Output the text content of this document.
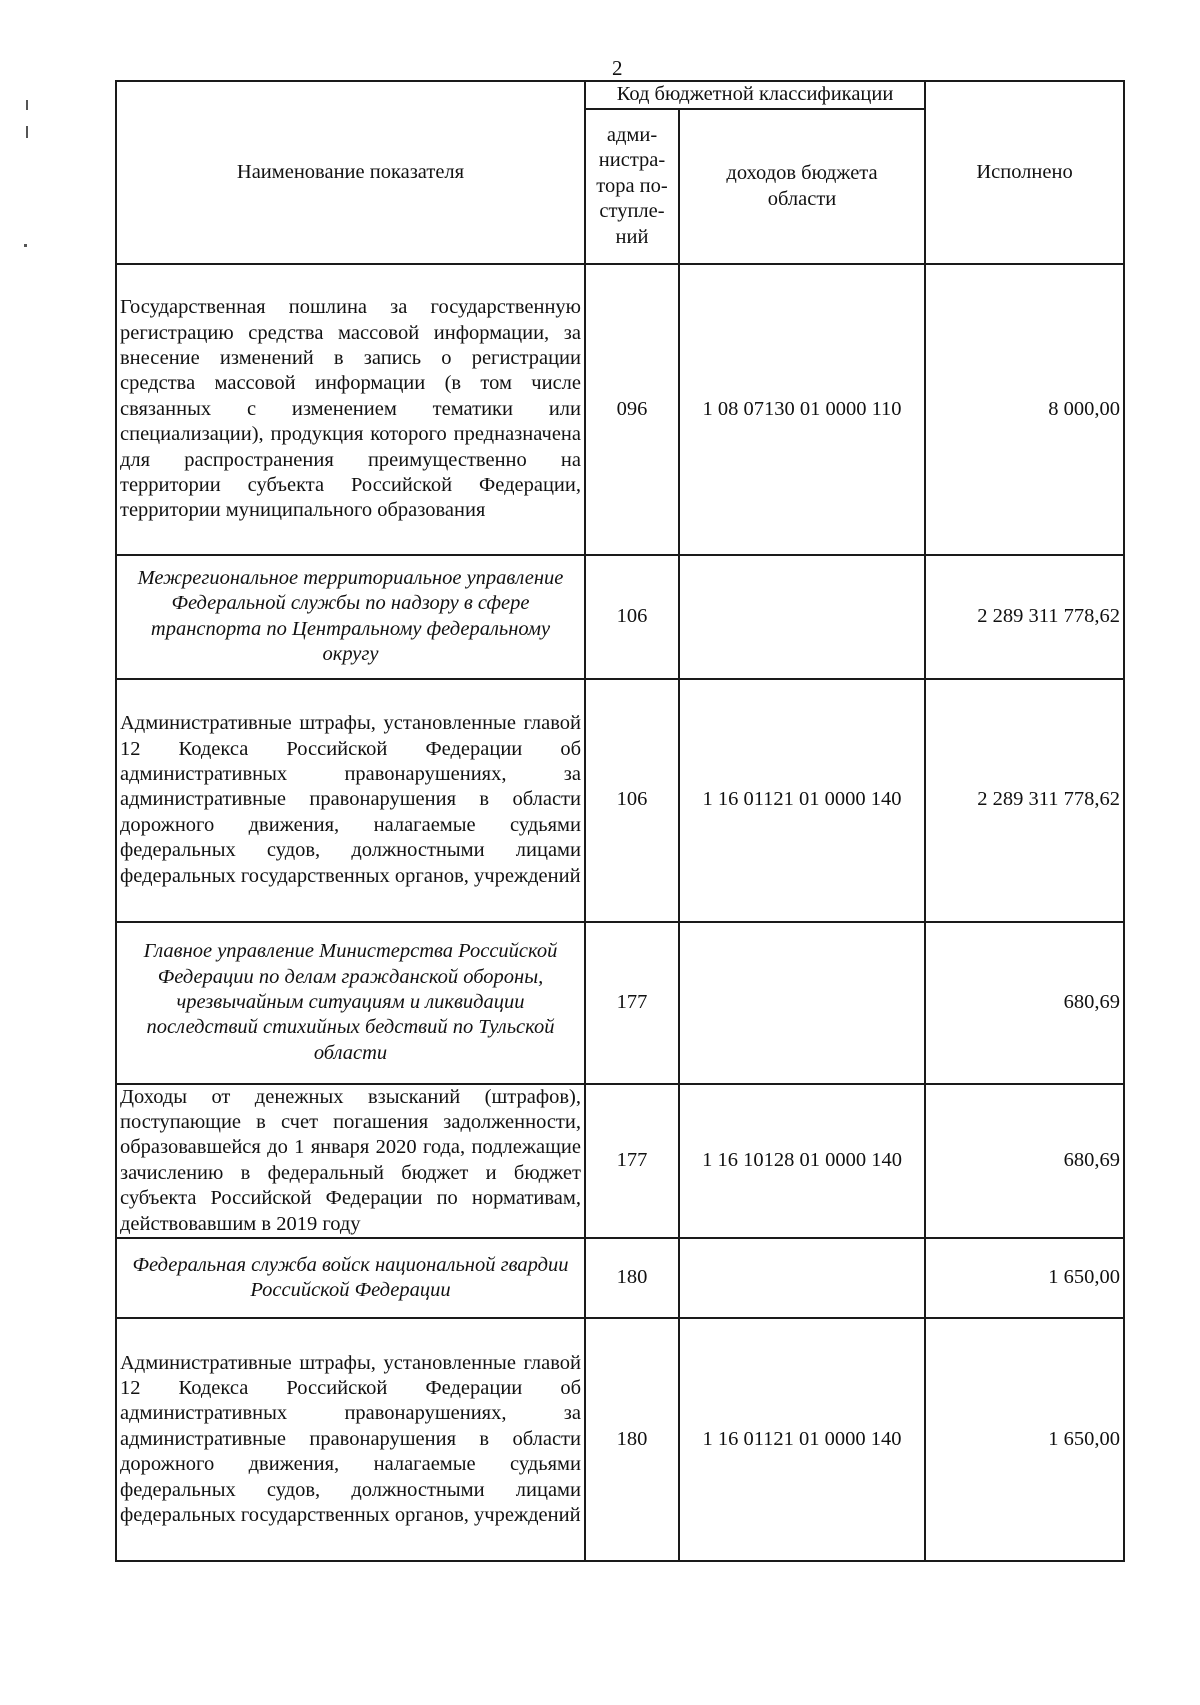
2
Наименование показателя	Код бюджетной классификации		Исполнено
	адми-
нистра-
тора по-
ступле-
ний	доходов бюджета
области	
Государственная пошлина за государственную регистрацию средства массовой информации, за внесение изменений в запись о регистрации средства массовой информации (в том числе связанных с изменением тематики или специализации), продукция которого предназначена для распространения преимущественно на территории субъекта Российской Федерации, территории муниципального образования	096	1 08 07130 01 0000 110	8 000,00
Межрегиональное территориальное управление Федеральной службы по надзору в сфере транспорта по Центральному федеральному округу	106		2 289 311 778,62
Административные штрафы, установленные главой 12 Кодекса Российской Федерации об административных правонарушениях, за административные правонарушения в области дорожного движения, налагаемые судьями федеральных судов, должностными лицами федеральных государственных органов, учреждений	106	1 16 01121 01 0000 140	2 289 311 778,62
Главное управление Министерства Российской Федерации по делам гражданской обороны, чрезвычайным ситуациям и ликвидации последствий стихийных бедствий по Тульской области	177		680,69
Доходы от денежных взысканий (штрафов), поступающие в счет погашения задолженности, образовавшейся до 1 января 2020 года, подлежащие зачислению в федеральный бюджет и бюджет субъекта Российской Федерации по нормативам, действовавшим в 2019 году	177	1 16 10128 01 0000 140	680,69
Федеральная служба войск национальной гвардии Российской Федерации	180		1 650,00
Административные штрафы, установленные главой 12 Кодекса Российской Федерации об административных правонарушениях, за административные правонарушения в области дорожного движения, налагаемые судьями федеральных судов, должностными лицами федеральных государственных органов, учреждений	180	1 16 01121 01 0000 140	1 650,00
